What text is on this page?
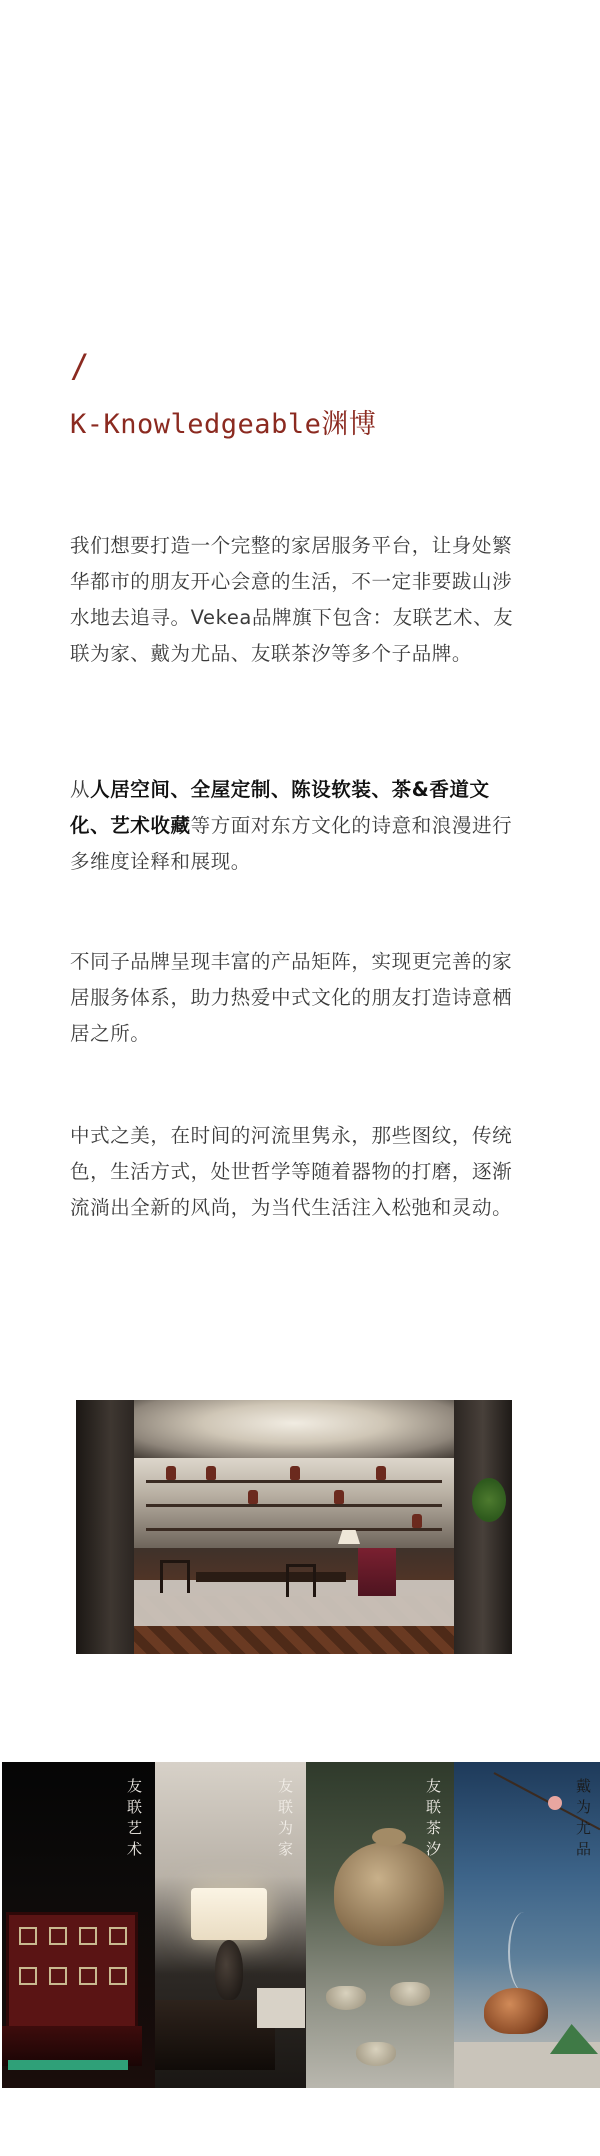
/
K-Knowledgeable渊博

我们想要打造一个完整的家居服务平台，让身处繁华都市的朋友开心会意的生活，不一定非要跋山涉水地去追寻。Vekea品牌旗下包含：友联艺术、友联为家、戴为尤品、友联茶汐等多个子品牌。

从人居空间、全屋定制、陈设软装、茶&香道文化、艺术收藏等方面对东方文化的诗意和浪漫进行多维度诠释和展现。

不同子品牌呈现丰富的产品矩阵，实现更完善的家居服务体系，助力热爱中式文化的朋友打造诗意栖居之所。

中式之美，在时间的河流里隽永，那些图纹，传统色，生活方式，处世哲学等随着器物的打磨，逐渐流淌出全新的风尚，为当代生活注入松弛和灵动。

友联艺术	友联为家	友联茶汐	戴为尤品
